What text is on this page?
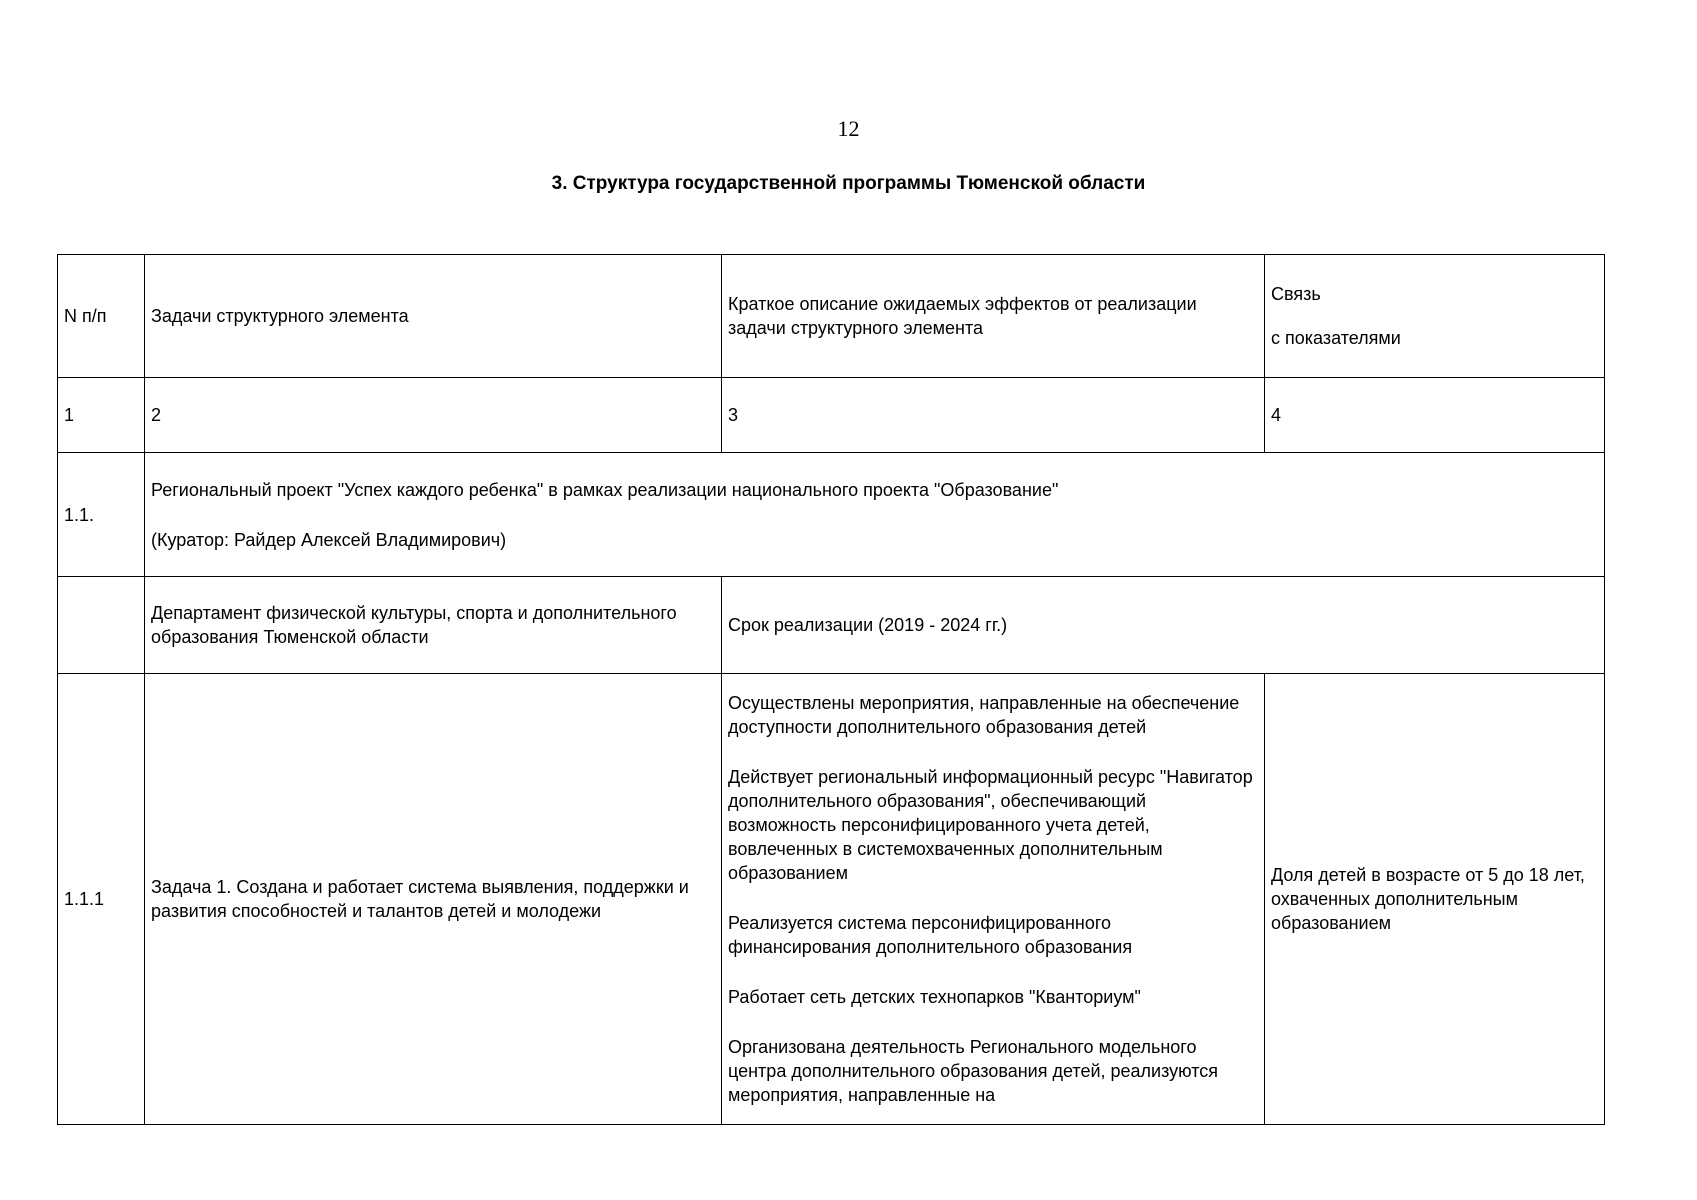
12
3. Структура государственной программы Тюменской области
N п/п	Задачи структурного элемента	Краткое описание ожидаемых эффектов от реализации задачи структурного элемента	Связь
с показателями

1	2	3	4
1.1.	Региональный проект "Успех каждого ребенка" в рамках реализации национального проекта "Образование"
(Куратор: Райдер Алексей Владимирович)		

	Департамент физической культуры, спорта и дополнительного образования Тюменской области	Срок реализации (2019 - 2024 гг.)	
1.1.1	Задача 1. Создана и работает система выявления, поддержки и развития способностей и талантов детей и молодежи	Осуществлены мероприятия, направленные на обеспечение доступности дополнительного образования детей
Действует региональный информационный ресурс "Навигатор дополнительного образования", обеспечивающий возможность персонифицированного учета детей, вовлеченных в системохваченных дополнительным образованием
Реализуется система персонифицированного финансирования дополнительного образования
Работает сеть детских технопарков "Кванториум"
Организована деятельность Регионального модельного центра дополнительного образования детей, реализуются мероприятия, направленные на	Доля детей в возрасте от 5 до 18 лет, охваченных дополнительным образованием
